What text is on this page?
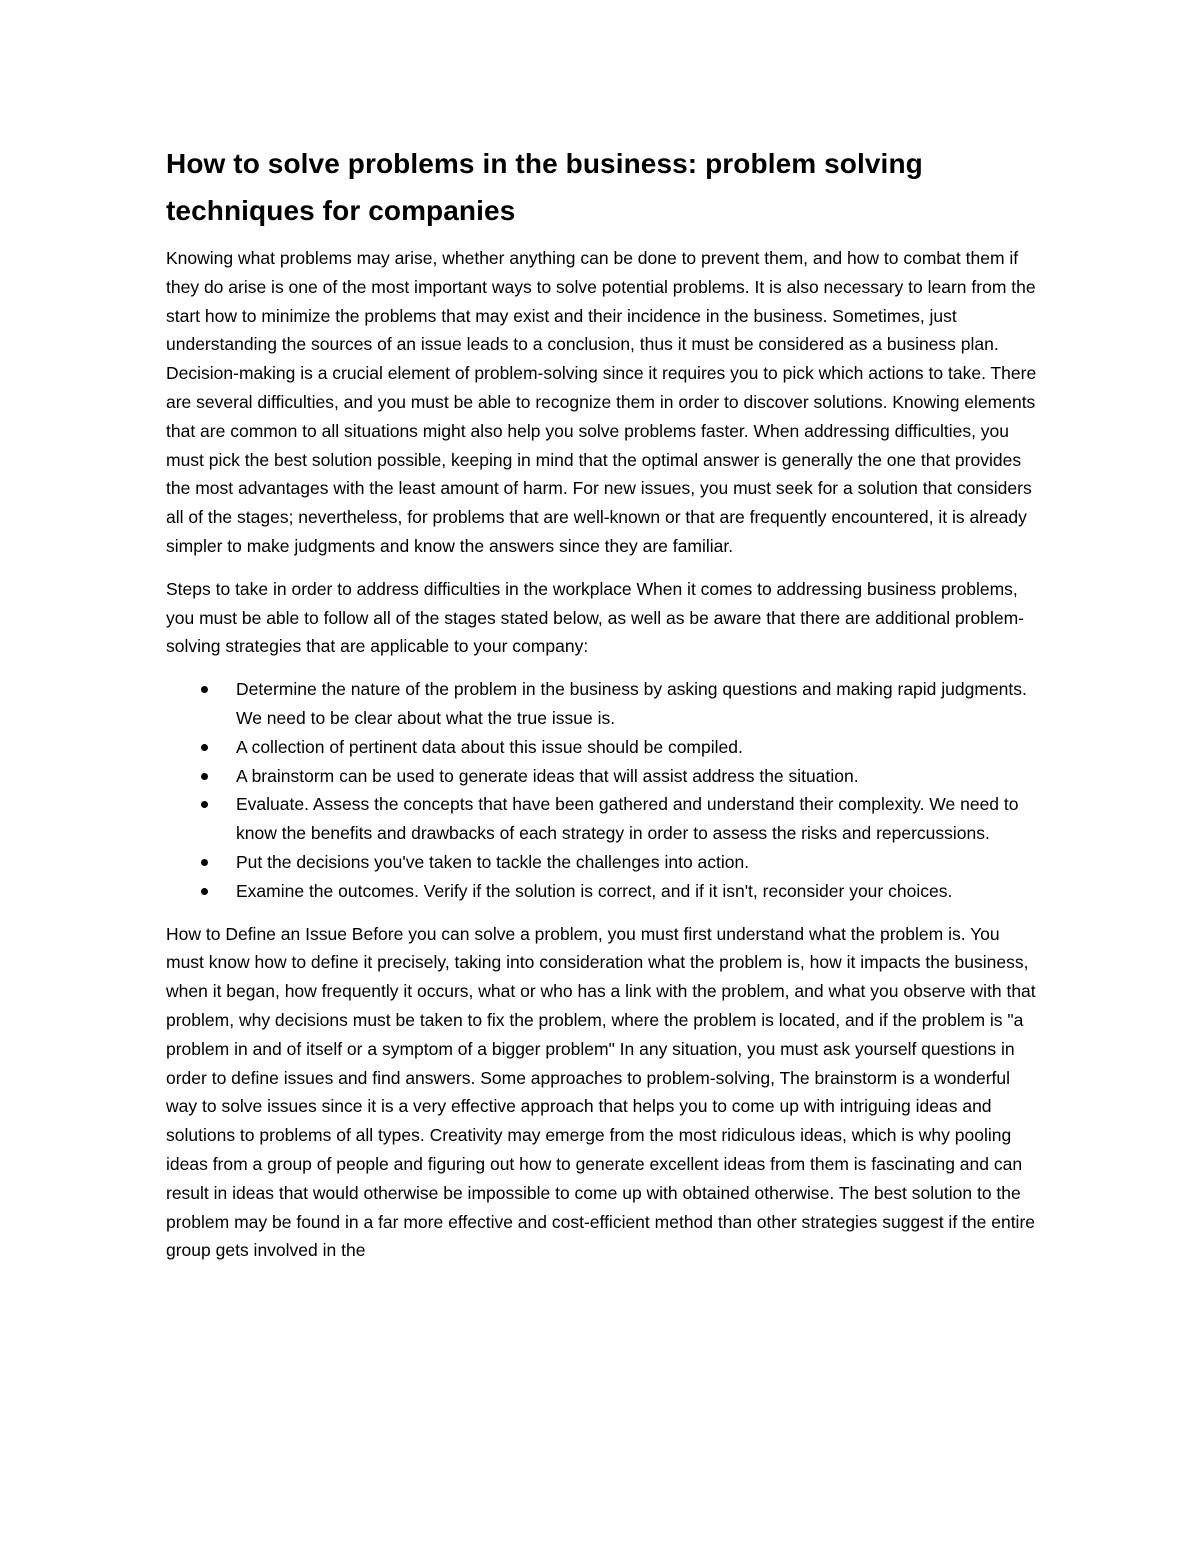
How to solve problems in the business: problem solving techniques for companies

Knowing what problems may arise, whether anything can be done to prevent them, and how to combat them if they do arise is one of the most important ways to solve potential problems. It is also necessary to learn from the start how to minimize the problems that may exist and their incidence in the business. Sometimes, just understanding the sources of an issue leads to a conclusion, thus it must be considered as a business plan. Decision-making is a crucial element of problem-solving since it requires you to pick which actions to take. There are several difficulties, and you must be able to recognize them in order to discover solutions. Knowing elements that are common to all situations might also help you solve problems faster. When addressing difficulties, you must pick the best solution possible, keeping in mind that the optimal answer is generally the one that provides the most advantages with the least amount of harm. For new issues, you must seek for a solution that considers all of the stages; nevertheless, for problems that are well-known or that are frequently encountered, it is already simpler to make judgments and know the answers since they are familiar.

Steps to take in order to address difficulties in the workplace When it comes to addressing business problems, you must be able to follow all of the stages stated below, as well as be aware that there are additional problem-solving strategies that are applicable to your company:

Determine the nature of the problem in the business by asking questions and making rapid judgments. We need to be clear about what the true issue is.
A collection of pertinent data about this issue should be compiled.
A brainstorm can be used to generate ideas that will assist address the situation.
Evaluate. Assess the concepts that have been gathered and understand their complexity. We need to know the benefits and drawbacks of each strategy in order to assess the risks and repercussions.
Put the decisions you've taken to tackle the challenges into action.
Examine the outcomes. Verify if the solution is correct, and if it isn't, reconsider your choices.

How to Define an Issue Before you can solve a problem, you must first understand what the problem is. You must know how to define it precisely, taking into consideration what the problem is, how it impacts the business, when it began, how frequently it occurs, what or who has a link with the problem, and what you observe with that problem, why decisions must be taken to fix the problem, where the problem is located, and if the problem is "a problem in and of itself or a symptom of a bigger problem" In any situation, you must ask yourself questions in order to define issues and find answers. Some approaches to problem-solving, The brainstorm is a wonderful way to solve issues since it is a very effective approach that helps you to come up with intriguing ideas and solutions to problems of all types. Creativity may emerge from the most ridiculous ideas, which is why pooling ideas from a group of people and figuring out how to generate excellent ideas from them is fascinating and can result in ideas that would otherwise be impossible to come up with obtained otherwise. The best solution to the problem may be found in a far more effective and cost-efficient method than other strategies suggest if the entire group gets involved in the
